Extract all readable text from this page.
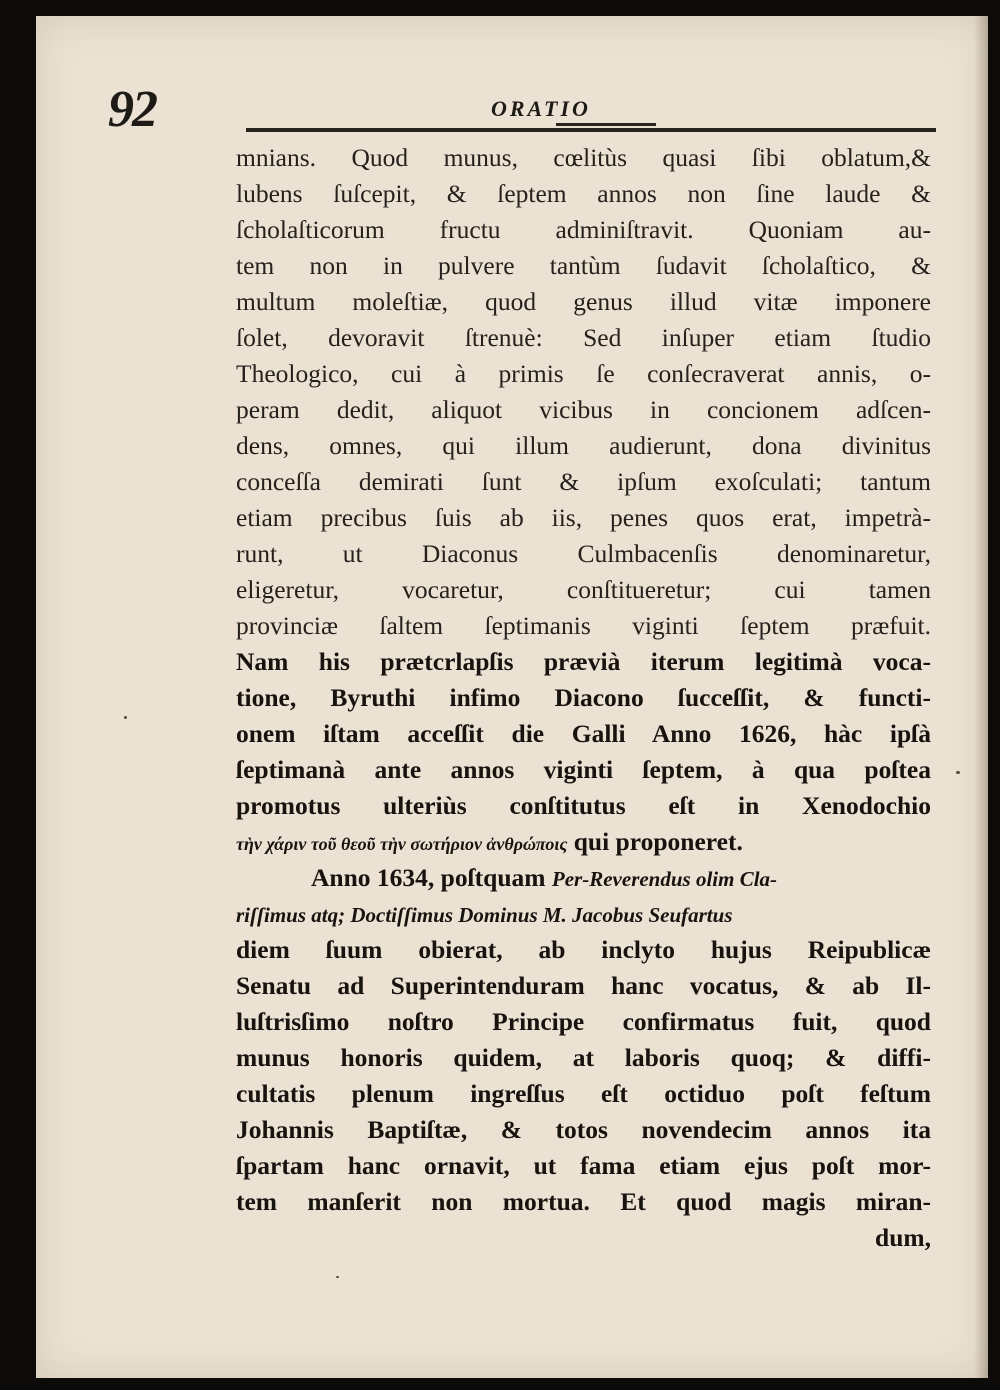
92	ORATIO
mnians. Quod munus, cœlitùs quasi ſibi oblatum,&
lubens ſuſcepit, & ſeptem annos non ſine laude &
ſcholaſticorum fructu adminiſtravit. Quoniam au-
tem non in pulvere tantùm ſudavit ſcholaſtico, &
multum moleſtiæ, quod genus illud vitæ imponere
ſolet, devoravit ſtrenuè: Sed inſuper etiam ſtudio
Theologico, cui à primis ſe conſecraverat annis, o-
peram dedit, aliquot vicibus in concionem adſcen-
dens, omnes, qui illum audierunt, dona divinitus
conceſſa demirati ſunt & ipſum exoſculati; tantum
etiam precibus ſuis ab iis, penes quos erat, impetrà-
runt, ut Diaconus Culmbacenſis denominaretur,
eligeretur, vocaretur, conſtitueretur; cui tamen
provinciæ ſaltem ſeptimanis viginti ſeptem præfuit.
Nam his prætcrlapſis prævià iterum legitimà voca-
tione, Byruthi infimo Diacono ſucceſſit, & functi-
onem iſtam acceſſit die Galli Anno 1626, hàc ipſà
ſeptimanà ante annos viginti ſeptem, à qua poſtea
promotus ulteriùs conſtitutus eſt in Xenodochio
τὴν χάριν τοῦ θεοῦ τὴν σωτήριον ἀνθρώποις qui proponeret.
Anno 1634, poſtquam Per-Reverendus olim Cla-
riſſimus atq; Doctiſſimus Dominus M. Jacobus Seufartus
diem ſuum obierat, ab inclyto hujus Reipublicæ
Senatu ad Superintenduram hanc vocatus, & ab Il-
luſtrisſimo noſtro Principe confirmatus fuit, quod
munus honoris quidem, at laboris quoq; & diffi-
cultatis plenum ingreſſus eſt octiduo poſt feſtum
Johannis Baptiſtæ, & totos novendecim annos ita
ſpartam hanc ornavit, ut fama etiam ejus poſt mor-
tem manſerit non mortua. Et quod magis miran-
dum,
